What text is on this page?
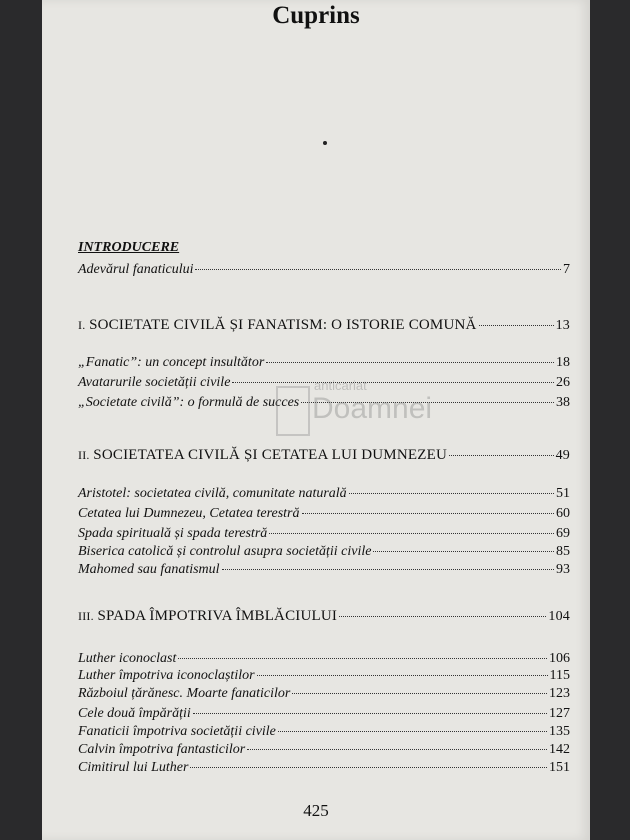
Cuprins
INTRODUCERE
Adevărul fanaticului	7
I. SOCIETATE CIVILĂ ȘI FANATISM: O ISTORIE COMUNĂ	13
„Fanatic”: un concept insultător	18
Avatarurile societății civile	26
„Societate civilă”: o formulă de succes	38
II. SOCIETATEA CIVILĂ ȘI CETATEA LUI DUMNEZEU	49
Aristotel: societatea civilă, comunitate naturală	51
Cetatea lui Dumnezeu, Cetatea terestră	60
Spada spirituală și spada terestră	69
Biserica catolică și controlul asupra societății civile	85
Mahomed sau fanatismul	93
III. SPADA ÎMPOTRIVA ÎMBLĂCIULUI	104
Luther iconoclast	106
Luther împotriva iconoclaștilor	115
Războiul țărănesc. Moarte fanaticilor	123
Cele două împărății	127
Fanaticii împotriva societății civile	135
Calvin împotriva fantasticilor	142
Cimitirul lui Luther	151
anticariat
Doamnei
425
